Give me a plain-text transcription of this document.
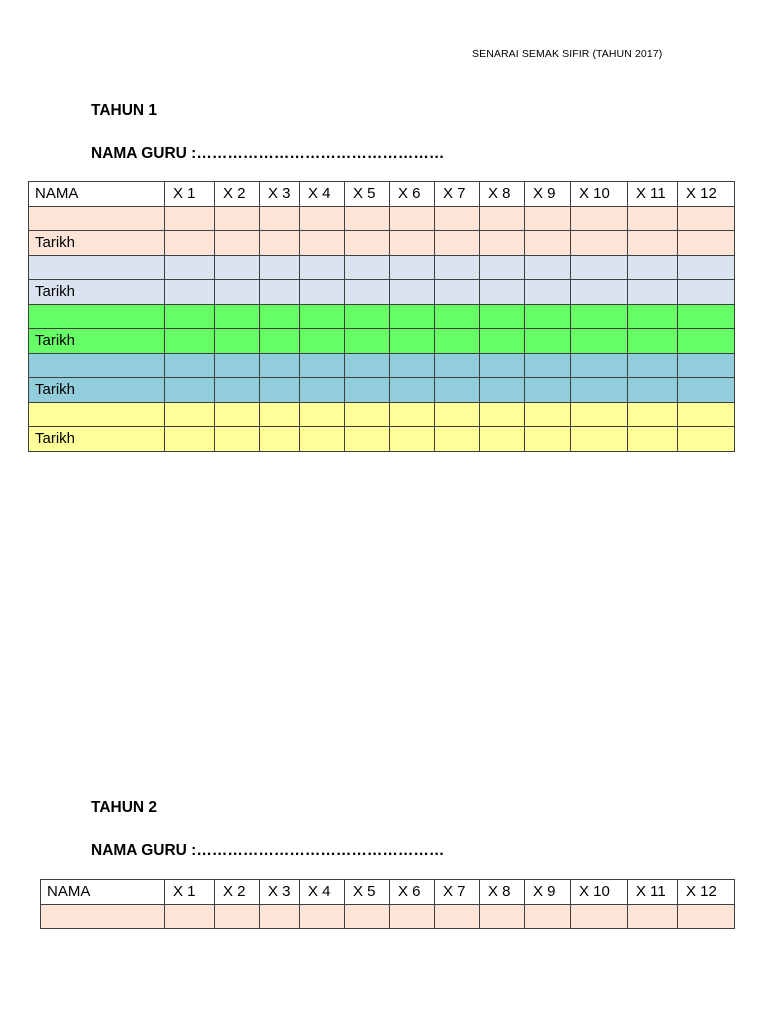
SENARAI SEMAK SIFIR (TAHUN 2017)
TAHUN 1
NAMA GURU :…………………………………………
NAMA	X 1	X 2	X 3	X 4	X 5	X 6	X 7	X 8	X 9	X 10	X 11	X 12

Tarikh												

Tarikh												

Tarikh												

Tarikh												

Tarikh												
TAHUN 2
NAMA GURU :…………………………………………
NAMA	X 1	X 2	X 3	X 4	X 5	X 6	X 7	X 8	X 9	X 10	X 11	X 12
